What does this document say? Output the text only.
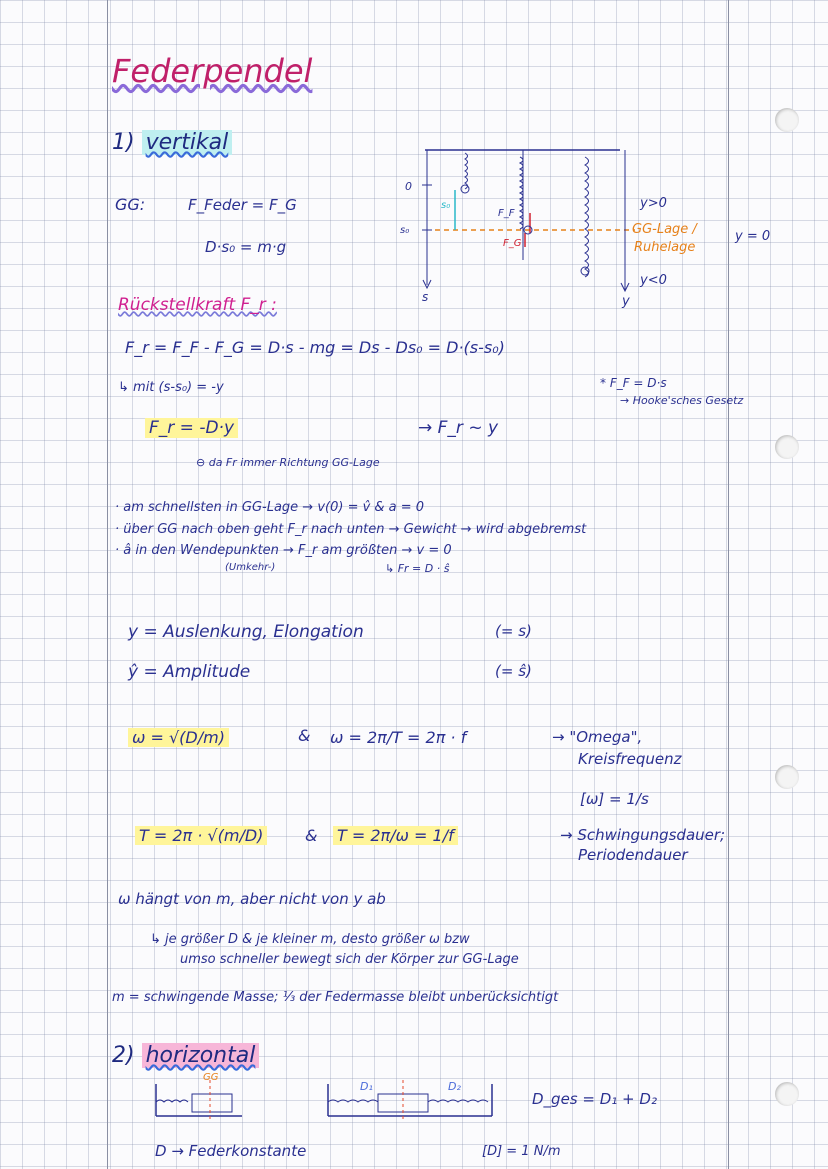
Federpendel
1) vertikal
GG:	F_Feder = F_G
D·s₀ = m·g
0
s₀
s
s₀
F_F
F_G
y>0
GG-Lage /
Ruhelage
y = 0
y<0
y
Rückstellkraft F_r :
F_r = F_F - F_G = D·s - mg = Ds - Ds₀ = D·(s-s₀)
↳ mit (s-s₀) = -y	* F_F = D·s
→ Hooke'sches Gesetz
F_r = -D·y	→ F_r ~ y
⊖ da Fr immer Richtung GG-Lage
· am schnellsten in GG-Lage → v(0) = v̂ & a = 0
· über GG nach oben geht F_r nach unten → Gewicht → wird abgebremst
· â in den Wendepunkten → F_r am größten → v = 0
(Umkehr-)	↳ Fr = D · ŝ
y = Auslenkung, Elongation	(= s)
ŷ = Amplitude	(= ŝ)
ω = √(D/m)	& ω = 2π/T = 2π · f	→ "Omega",
Kreisfrequenz
[ω] = 1/s
T = 2π · √(m/D)	& T = 2π/ω = 1/f	→ Schwingungsdauer;
Periodendauer
ω hängt von m, aber nicht von y ab
↳ je größer D & je kleiner m, desto größer ω bzw
umso schneller bewegt sich der Körper zur GG-Lage
m = schwingende Masse; ⅓ der Federmasse bleibt unberücksichtigt
2) horizontal
GG
D₁	D₂
D_ges = D₁ + D₂
D → Federkonstante	[D] = 1 N/m
